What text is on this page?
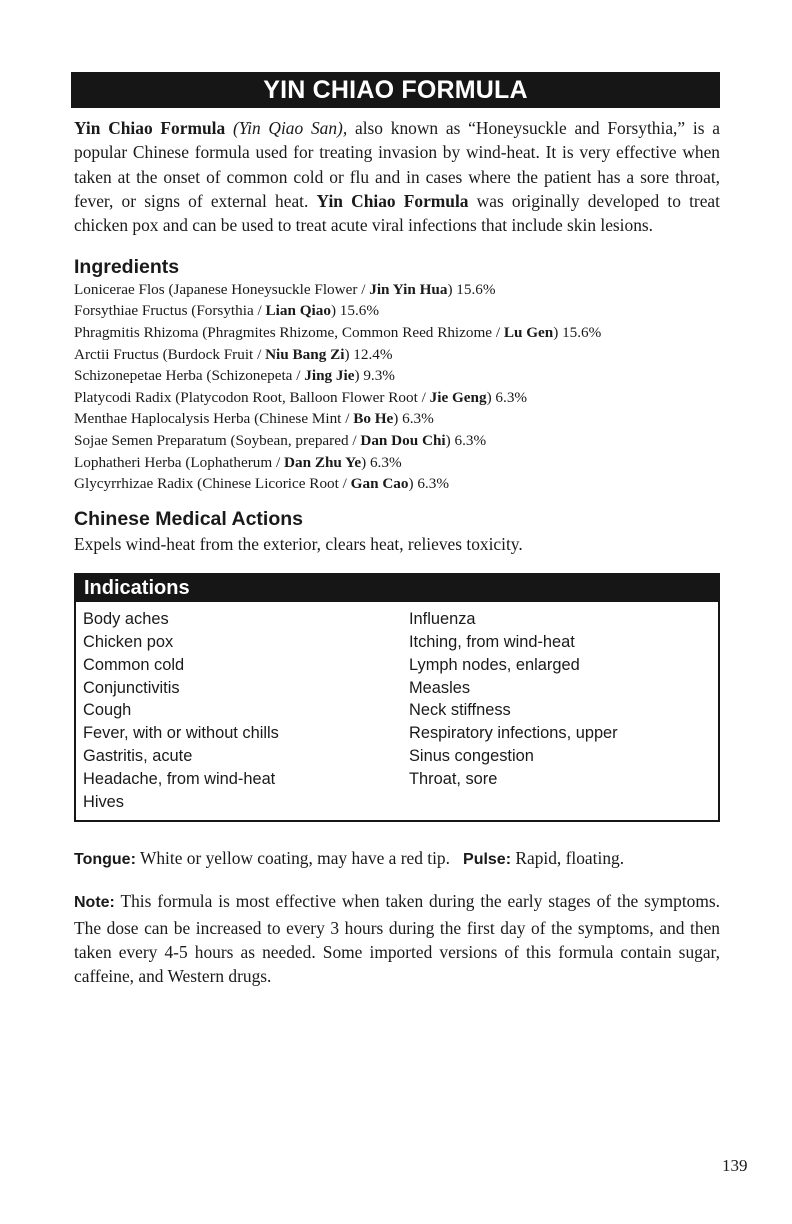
YIN CHIAO FORMULA

Yin Chiao Formula (Yin Qiao San), also known as “Honeysuckle and Forsythia,” is a popular Chinese formula used for treating invasion by wind-heat. It is very effective when taken at the onset of common cold or flu and in cases where the patient has a sore throat, fever, or signs of external heat. Yin Chiao Formula was originally developed to treat chicken pox and can be used to treat acute viral infections that include skin lesions.

Ingredients
Lonicerae Flos (Japanese Honeysuckle Flower / Jin Yin Hua) 15.6%
Forsythiae Fructus (Forsythia / Lian Qiao) 15.6%
Phragmitis Rhizoma (Phragmites Rhizome, Common Reed Rhizome / Lu Gen) 15.6%
Arctii Fructus (Burdock Fruit / Niu Bang Zi) 12.4%
Schizonepetae Herba (Schizonepeta / Jing Jie) 9.3%
Platycodi Radix (Platycodon Root, Balloon Flower Root / Jie Geng) 6.3%
Menthae Haplocalysis Herba (Chinese Mint / Bo He) 6.3%
Sojae Semen Preparatum (Soybean, prepared / Dan Dou Chi) 6.3%
Lophatheri Herba (Lophatherum / Dan Zhu Ye) 6.3%
Glycyrrhizae Radix (Chinese Licorice Root / Gan Cao) 6.3%
Chinese Medical Actions

Expels wind-heat from the exterior, clears heat, relieves toxicity.

Indications
Body aches
Chicken pox
Common cold
Conjunctivitis
Cough
Fever, with or without chills
Gastritis, acute
Headache, from wind-heat
Hives
Influenza
Itching, from wind-heat
Lymph nodes, enlarged
Measles
Neck stiffness
Respiratory infections, upper
Sinus congestion
Throat, sore

Tongue: White or yellow coating, may have a red tip. Pulse: Rapid, floating.

Note: This formula is most effective when taken during the early stages of the symptoms. The dose can be increased to every 3 hours during the first day of the symptoms, and then taken every 4-5 hours as needed. Some imported versions of this formula contain sugar, caffeine, and Western drugs.

139
